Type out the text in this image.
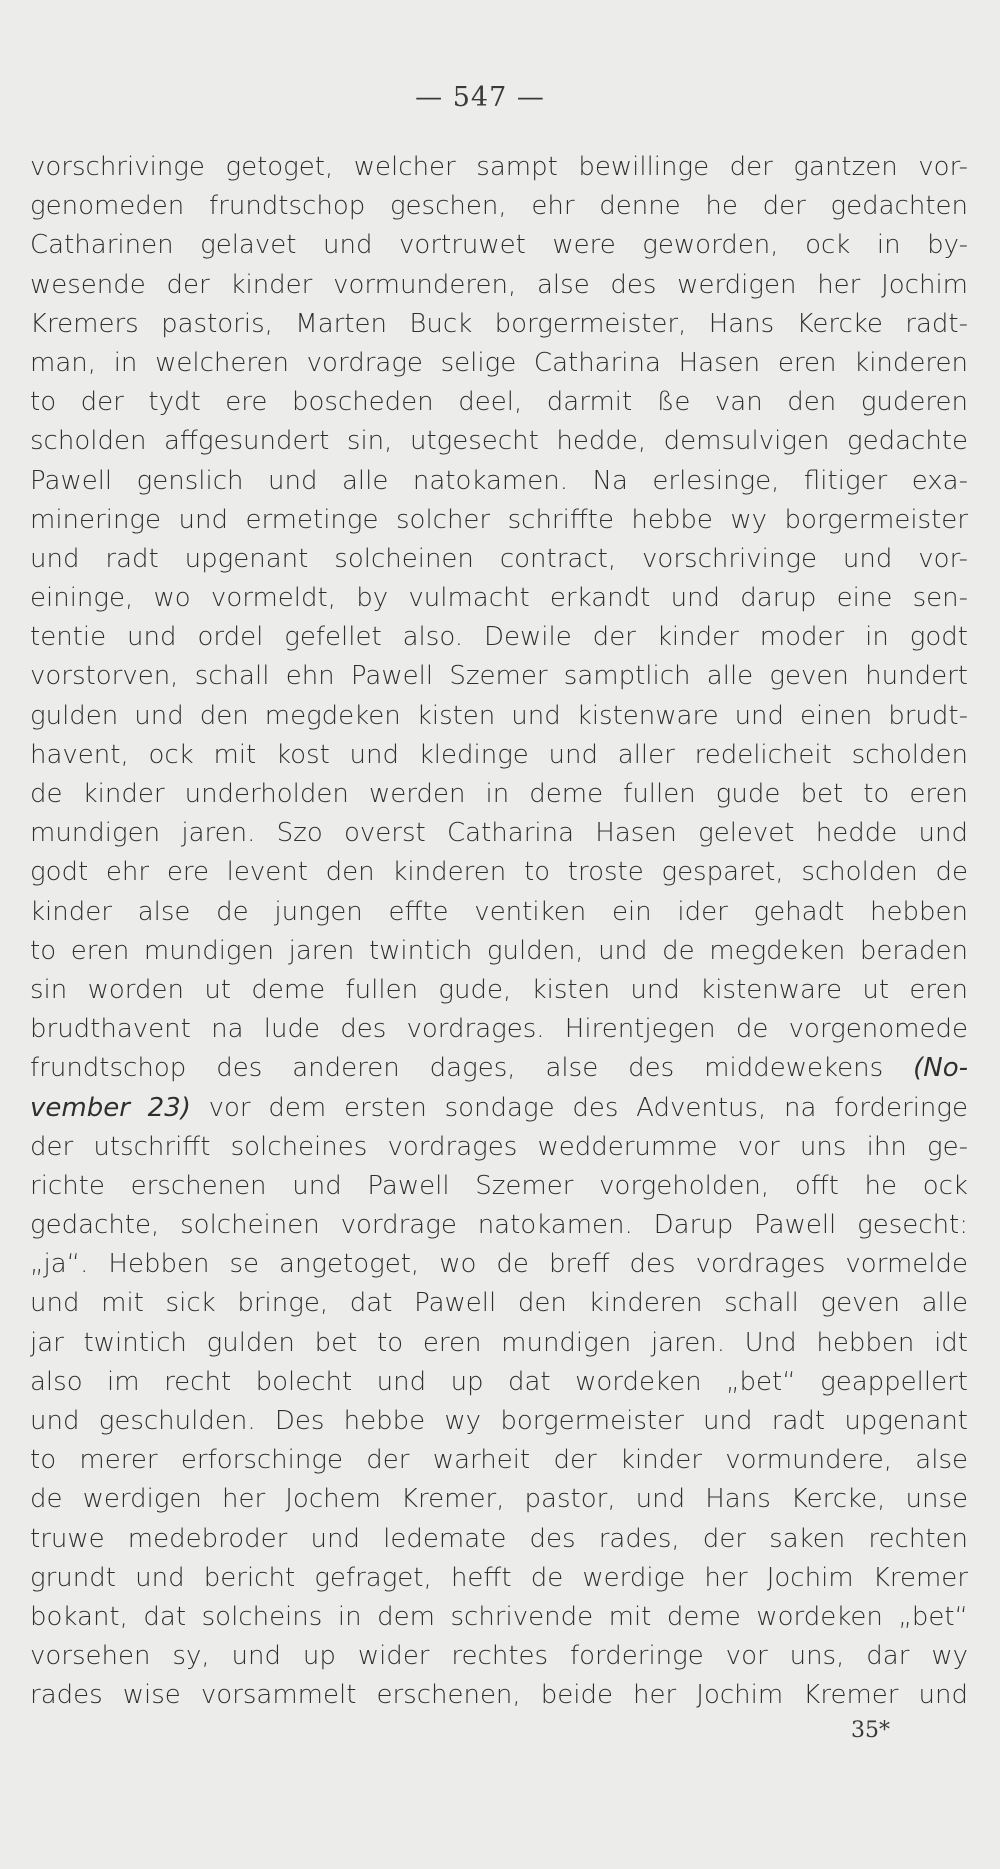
— 547 —
vorschrivinge getoget, welcher sampt bewillinge der gantzen vor-
genomeden frundtschop geschen, ehr denne he der gedachten
Catharinen gelavet und vortruwet were geworden, ock in by-
wesende der kinder vormunderen, alse des werdigen her Jochim
Kremers pastoris, Marten Buck borgermeister, Hans Kercke radt-
man, in welcheren vordrage selige Catharina Hasen eren kinderen
to der tydt ere boscheden deel, darmit ße van den guderen
scholden affgesundert sin, utgesecht hedde, demsulvigen gedachte
Pawell genslich und alle natokamen. Na erlesinge, flitiger exa-
mineringe und ermetinge solcher schriffte hebbe wy borgermeister
und radt upgenant solcheinen contract, vorschrivinge und vor-
eininge, wo vormeldt, by vulmacht erkandt und darup eine sen-
tentie und ordel gefellet also. Dewile der kinder moder in godt
vorstorven, schall ehn Pawell Szemer samptlich alle geven hundert
gulden und den megdeken kisten und kistenware und einen brudt-
havent, ock mit kost und kledinge und aller redelicheit scholden
de kinder underholden werden in deme fullen gude bet to eren
mundigen jaren. Szo overst Catharina Hasen gelevet hedde und
godt ehr ere levent den kinderen to troste gesparet, scholden de
kinder alse de jungen effte ventiken ein ider gehadt hebben
to eren mundigen jaren twintich gulden, und de megdeken beraden
sin worden ut deme fullen gude, kisten und kistenware ut eren
brudthavent na lude des vordrages. Hirentjegen de vorgenomede
frundtschop des anderen dages, alse des middewekens (No-
vember 23) vor dem ersten sondage des Adventus, na forderinge
der utschrifft solcheines vordrages wedderumme vor uns ihn ge-
richte erschenen und Pawell Szemer vorgeholden, offt he ock
gedachte, solcheinen vordrage natokamen. Darup Pawell gesecht:
„ja“. Hebben se angetoget, wo de breff des vordrages vormelde
und mit sick bringe, dat Pawell den kinderen schall geven alle
jar twintich gulden bet to eren mundigen jaren. Und hebben idt
also im recht bolecht und up dat wordeken „bet“ geappellert
und geschulden. Des hebbe wy borgermeister und radt upgenant
to merer erforschinge der warheit der kinder vormundere, alse
de werdigen her Jochem Kremer, pastor, und Hans Kercke, unse
truwe medebroder und ledemate des rades, der saken rechten
grundt und bericht gefraget, hefft de werdige her Jochim Kremer
bokant, dat solcheins in dem schrivende mit deme wordeken „bet“
vorsehen sy, und up wider rechtes forderinge vor uns, dar wy
rades wise vorsammelt erschenen, beide her Jochim Kremer und
35*
